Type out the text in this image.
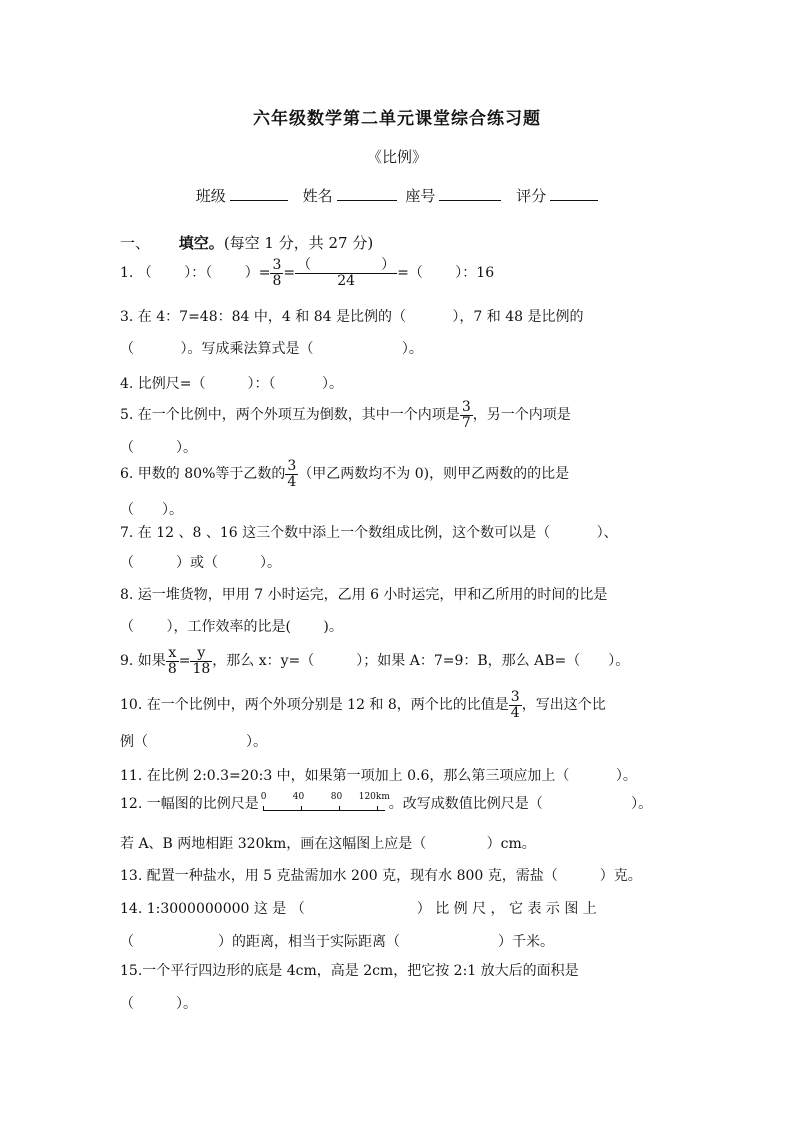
六年级数学第二单元课堂综合练习题
《比例》
班级	姓名	座号	评分
一、 填空。(每空 1 分，共 27 分)
1. （　　 ）：（　　 ）= $\frac{3}{8} = \frac{( )}{24}$ =（　　 ）：16
3. 在 4：7=48：84 中，4 和 84 是比例的（　　　 ），7 和 48 是比例的
（　　　 ）。写成乘法算式是（　　　　　　 ）。
4. 比例尺=（　　　）：（　　　 ）。
5. 在一个比例中，两个外项互为倒数，其中一个内项是 $\frac{3}{7}$ ，另一个内项是
（　　　）。
6. 甲数的 80%等于乙数的 $\frac{3}{4}$ （甲乙两数均不为 0)，则甲乙两数的的比是
（　　）。
7. 在 12 、8 、16 这三个数中添上一个数组成比例，这个数可以是（　　　 ）、
（　　　）或（　　　）。
8. 运一堆货物，甲用 7 小时运完，乙用 6 小时运完，甲和乙所用的时间的比是
（　　 ），工作效率的比是(　　 )。
9. 如果 $\frac{x}{8} = \frac{y}{18}$ ，那么 x：y=（　　　）；如果 A：7=9：B，那么 AB=（　　）。
10. 在一个比例中，两个外项分别是 12 和 8，两个比的比值是 $\frac{3}{4}$ ，写出这个比
例（　　　　　　　）。
11. 在比例 2:0.3=20:3 中，如果第一项加上 0.6，那么第三项应加上（　　　 ）。
12. 一幅图的比例尺是 0	40	80 120km
。改写成数值比例尺是（　　　　　　 ）。
若 A、B 两地相距 320km，画在这幅图上应是（　　　　 ）cm。
13. 配置一种盐水，用 5 克盐需加水 200 克，现有水 800 克，需盐（　　　）克。
14. 1:3000000000 这 是 （　　　　　　　　） 比 例 尺 ， 它 表 示 图 上
（　　　　　　）的距离，相当于实际距离（　　　　　　　）千米。
15.一个平行四边形的底是 4cm，高是 2cm，把它按 2:1 放大后的面积是
（　　　）。
